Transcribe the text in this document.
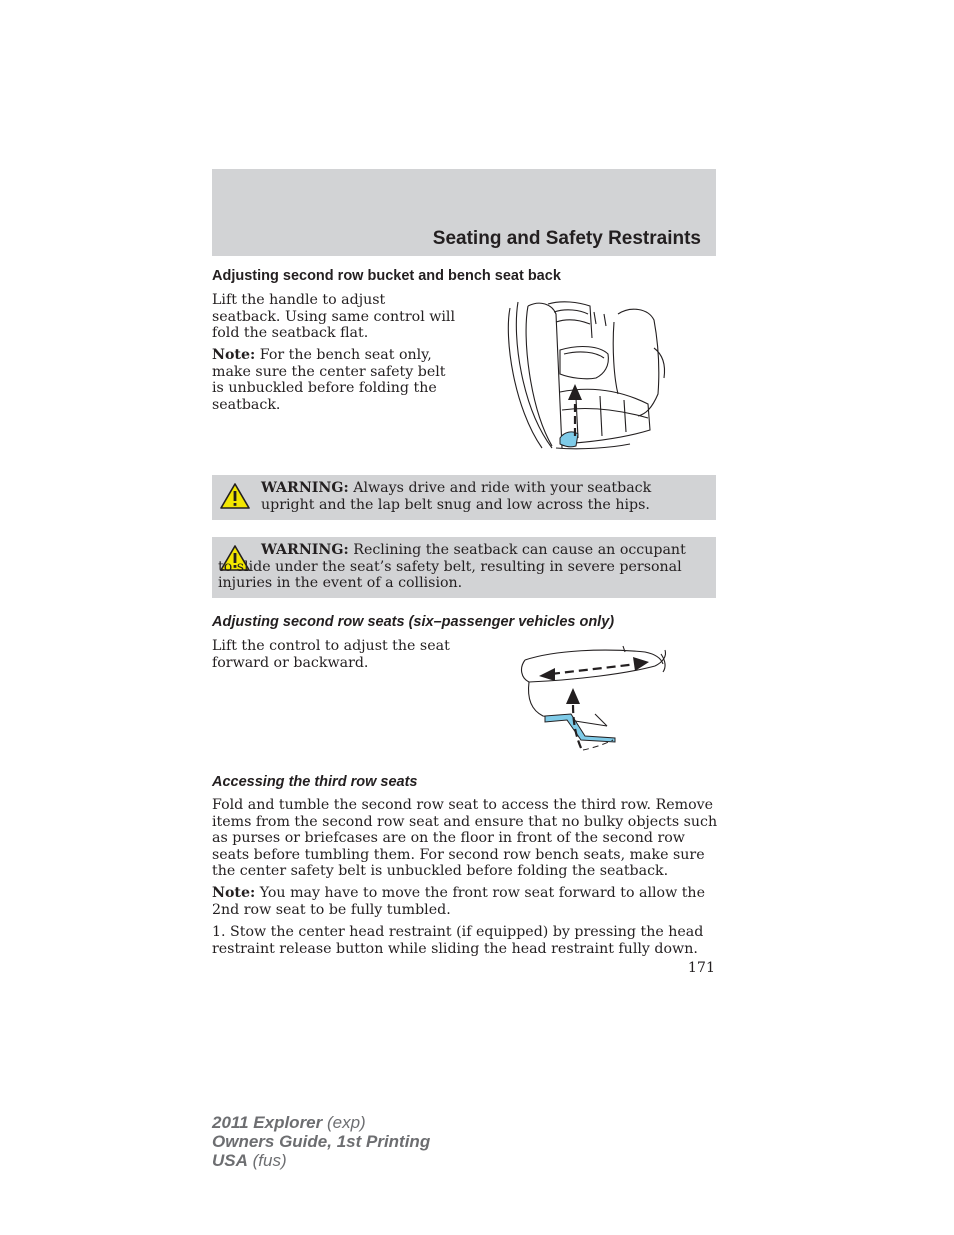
Seating and Safety Restraints
Adjusting second row bucket and bench seat back

Lift the handle to adjust seatback. Using same control will fold the seatback flat.

Note: For the bench seat only, make sure the center safety belt is unbuckled before folding the seatback.

WARNING: Always drive and ride with your seatback upright and the lap belt snug and low across the hips.
WARNING: Reclining the seatback can cause an occupant to slide under the seat’s safety belt, resulting in severe personal injuries in the event of a collision.
Adjusting second row seats (six–passenger vehicles only)

Lift the control to adjust the seat forward or backward.

Accessing the third row seats

Fold and tumble the second row seat to access the third row. Remove items from the second row seat and ensure that no bulky objects such as purses or briefcases are on the floor in front of the second row seats before tumbling them. For second row bench seats, make sure the center safety belt is unbuckled before folding the seatback.

Note: You may have to move the front row seat forward to allow the 2nd row seat to be fully tumbled.

1. Stow the center head restraint (if equipped) by pressing the head restraint release button while sliding the head restraint fully down.

171
2011 Explorer (exp)
Owners Guide, 1st Printing
USA (fus)
